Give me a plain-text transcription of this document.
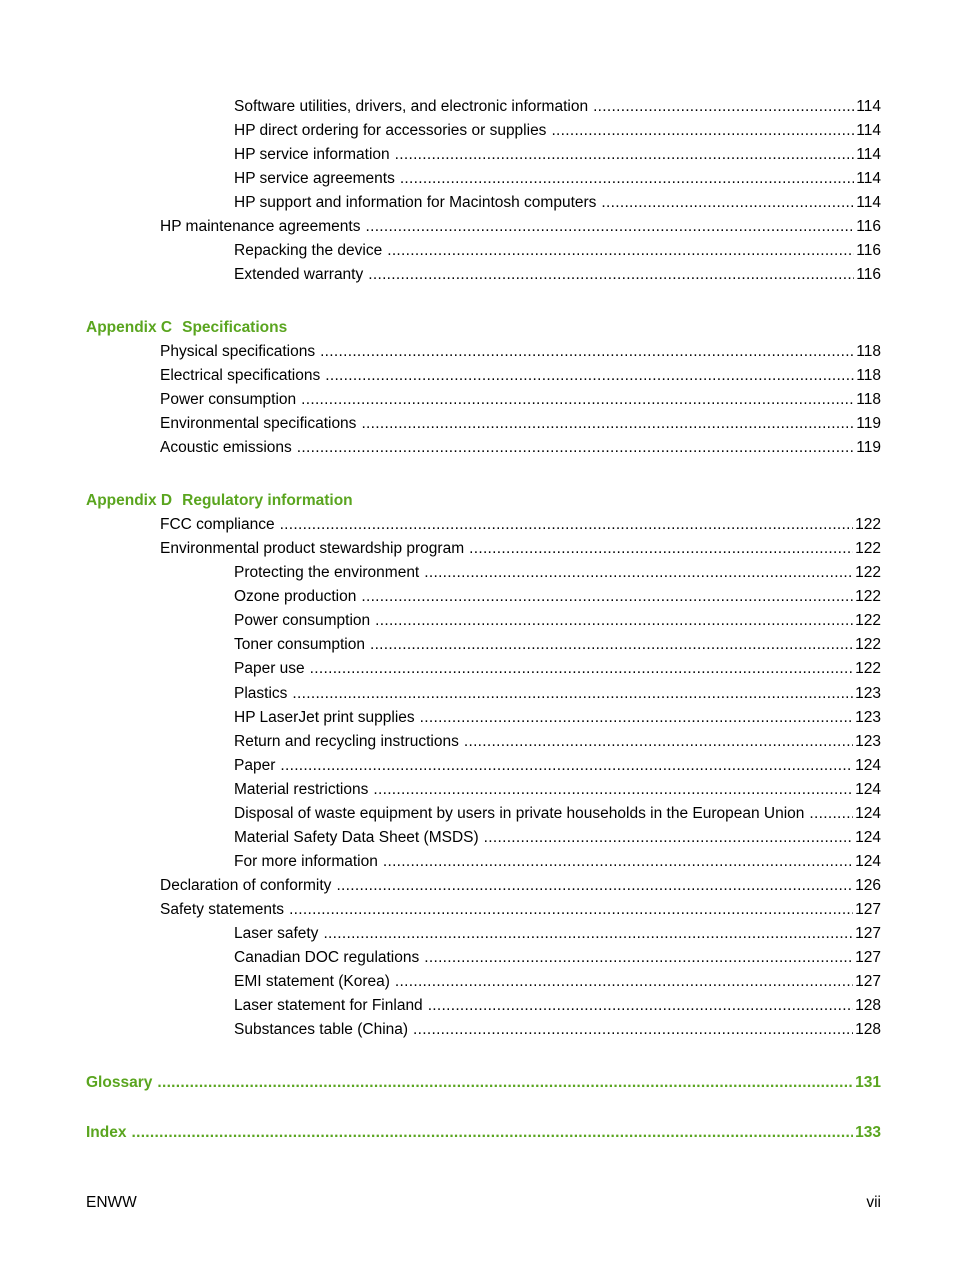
Software utilities, drivers, and electronic information .....	114
HP direct ordering for accessories or supplies .....	114
HP service information .....	114
HP service agreements .....	114
HP support and information for Macintosh computers .....	114
HP maintenance agreements .....	116
Repacking the device .....	116
Extended warranty .....	116
Appendix C Specifications
Physical specifications .....	118
Electrical specifications .....	118
Power consumption .....	118
Environmental specifications .....	119
Acoustic emissions .....	119
Appendix D Regulatory information
FCC compliance .....	122
Environmental product stewardship program .....	122
Protecting the environment .....	122
Ozone production .....	122
Power consumption .....	122
Toner consumption .....	122
Paper use .....	122
Plastics .....	123
HP LaserJet print supplies .....	123
Return and recycling instructions .....	123
Paper .....	124
Material restrictions .....	124
Disposal of waste equipment by users in private households in the European Union .....	124
Material Safety Data Sheet (MSDS) .....	124
For more information .....	124
Declaration of conformity .....	126
Safety statements .....	127
Laser safety .....	127
Canadian DOC regulations .....	127
EMI statement (Korea) .....	127
Laser statement for Finland .....	128
Substances table (China) .....	128
Glossary .....	131
Index .....	133
ENWW	vii
